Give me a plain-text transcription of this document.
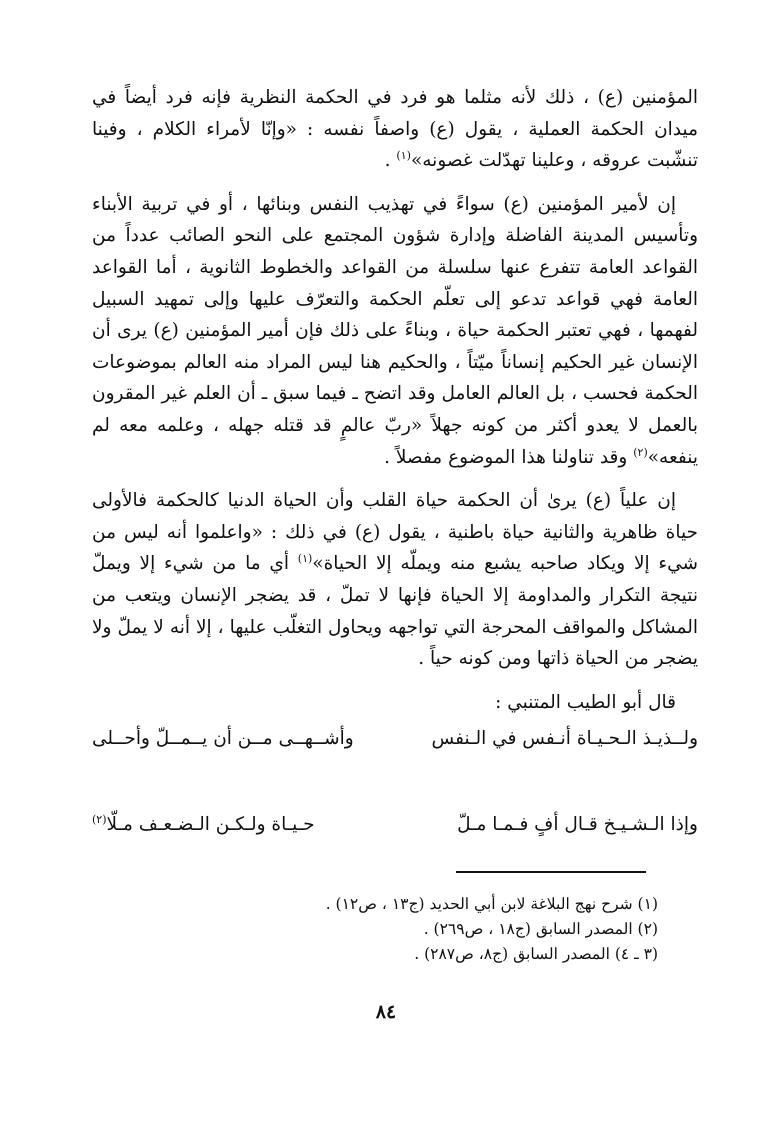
المؤمنين (ع) ، ذلك لأنه مثلما هو فرد في الحكمة النظرية فإنه فرد أيضاً في ميدان الحكمة العملية ، يقول (ع) واصفاً نفسه : «وإنّا لأمراء الكلام ، وفينا تنشّبت عروقه ، وعلينا تهدّلت غصونه»$^{(١)}$ .

إن لأمير المؤمنين (ع) سواءً في تهذيب النفس وبنائها ، أو في تربية الأبناء وتأسيس المدينة الفاضلة وإدارة شؤون المجتمع على النحو الصائب عدداً من القواعد العامة تتفرع عنها سلسلة من القواعد والخطوط الثانوية ، أما القواعد العامة فهي قواعد تدعو إلى تعلّم الحكمة والتعرّف عليها وإلى تمهيد السبيل لفهمها ، فهي تعتبر الحكمة حياة ، وبناءً على ذلك فإن أمير المؤمنين (ع) يرى أن الإنسان غير الحكيم إنساناً ميّتاً ، والحكيم هنا ليس المراد منه العالم بموضوعات الحكمة فحسب ، بل العالم العامل وقد اتضح ـ فيما سبق ـ أن العلم غير المقرون بالعمل لا يعدو أكثر من كونه جهلاً «ربّ عالمٍ قد قتله جهله ، وعلمه معه لم ينفعه»$^{(٢)}$ وقد تناولنا هذا الموضوع مفصلاً .

إن علياً (ع) يرىٰ أن الحكمة حياة القلب وأن الحياة الدنيا كالحكمة فالأولى حياة ظاهرية والثانية حياة باطنية ، يقول (ع) في ذلك : «واعلموا أنه ليس من شيء إلا ويكاد صاحبه يشبع منه ويملّه إلا الحياة»$^{(١)}$ أي ما من شيء إلا ويملّ نتيجة التكرار والمداومة إلا الحياة فإنها لا تملّ ، قد يضجر الإنسان ويتعب من المشاكل والمواقف المحرجة التي تواجهه ويحاول التغلّب عليها ، إلا أنه لا يملّ ولا يضجر من الحياة ذاتها ومن كونه حياً .

قال أبو الطيب المتنبي :
ولــذيـذ الـحـيـاة أنـفس في الـنفس
وأشــهــى مــن أن يــمــلّ وأحــلى
وإذا الـشـيـخ قـال أفٍ فـمـا مـلّ
حـيـاة ولـكـن الـضـعـف مـلّا$^{(٢)}$
(١) شرح نهج البلاغة لابن أبي الحديد (ج١٣ ، ص١٢) .
(٢) المصدر السابق (ج١٨ ، ص٢٦٩) .
(٣ ـ ٤) المصدر السابق (ج٨، ص٢٨٧) .
٨٤
